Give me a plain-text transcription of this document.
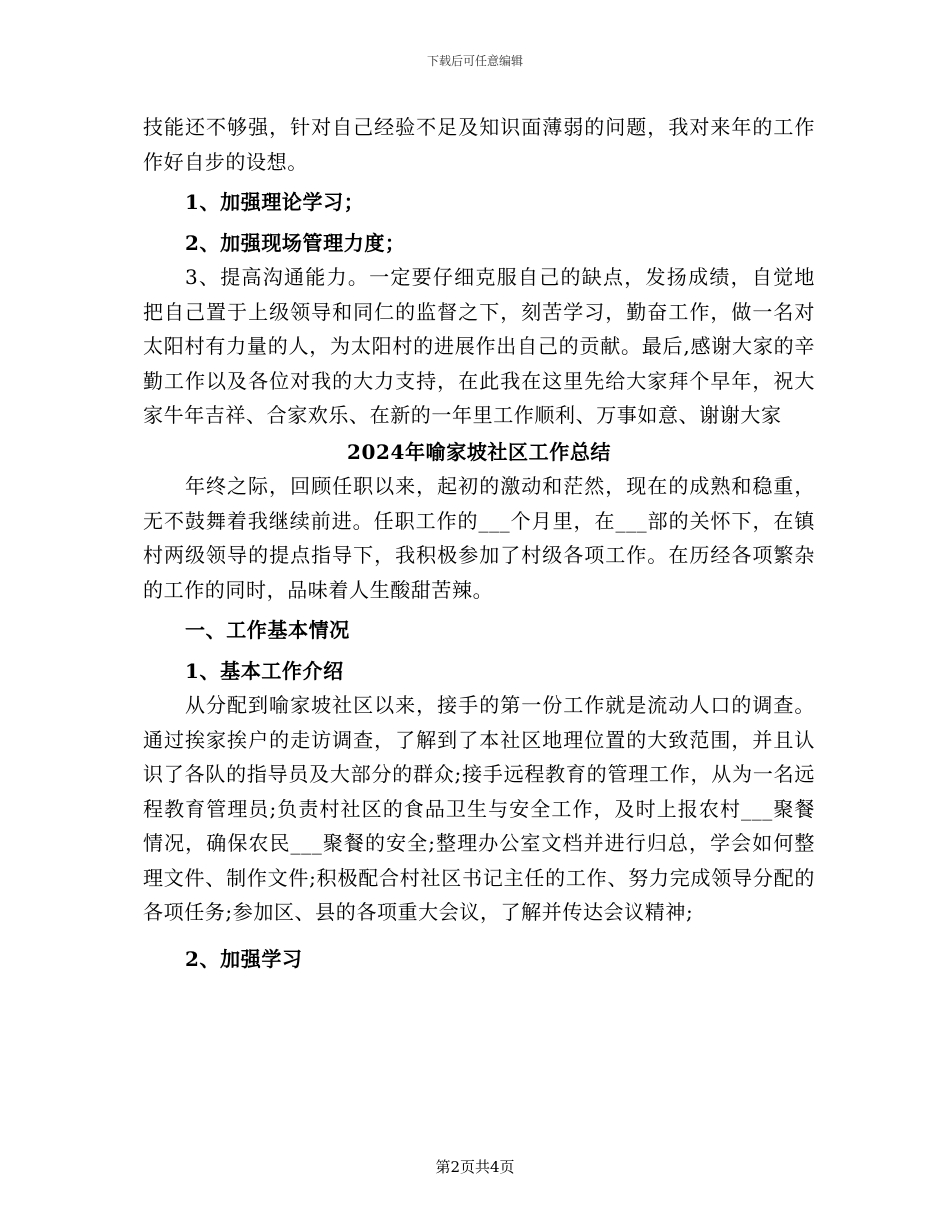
下载后可任意编辑

技能还不够强，针对自己经验不足及知识面薄弱的问题，我对来年的工作作好自步的设想。

1、加强理论学习；

2、加强现场管理力度；

3、提高沟通能力。一定要仔细克服自己的缺点，发扬成绩，自觉地把自己置于上级领导和同仁的监督之下，刻苦学习，勤奋工作，做一名对太阳村有力量的人，为太阳村的进展作出自己的贡献。最后,感谢大家的辛勤工作以及各位对我的大力支持，在此我在这里先给大家拜个早年，祝大家牛年吉祥、合家欢乐、在新的一年里工作顺利、万事如意、谢谢大家

2024年喻家坡社区工作总结

年终之际，回顾任职以来，起初的激动和茫然，现在的成熟和稳重，无不鼓舞着我继续前进。任职工作的___个月里，在___部的关怀下，在镇村两级领导的提点指导下，我积极参加了村级各项工作。在历经各项繁杂的工作的同时，品味着人生酸甜苦辣。

一、工作基本情况

1、基本工作介绍

从分配到喻家坡社区以来，接手的第一份工作就是流动人口的调查。通过挨家挨户的走访调查，了解到了本社区地理位置的大致范围，并且认识了各队的指导员及大部分的群众;接手远程教育的管理工作，从为一名远程教育管理员;负责村社区的食品卫生与安全工作，及时上报农村___聚餐情况，确保农民___聚餐的安全;整理办公室文档并进行归总，学会如何整理文件、制作文件;积极配合村社区书记主任的工作、努力完成领导分配的各项任务;参加区、县的各项重大会议，了解并传达会议精神;

2、加强学习

第2页共4页
